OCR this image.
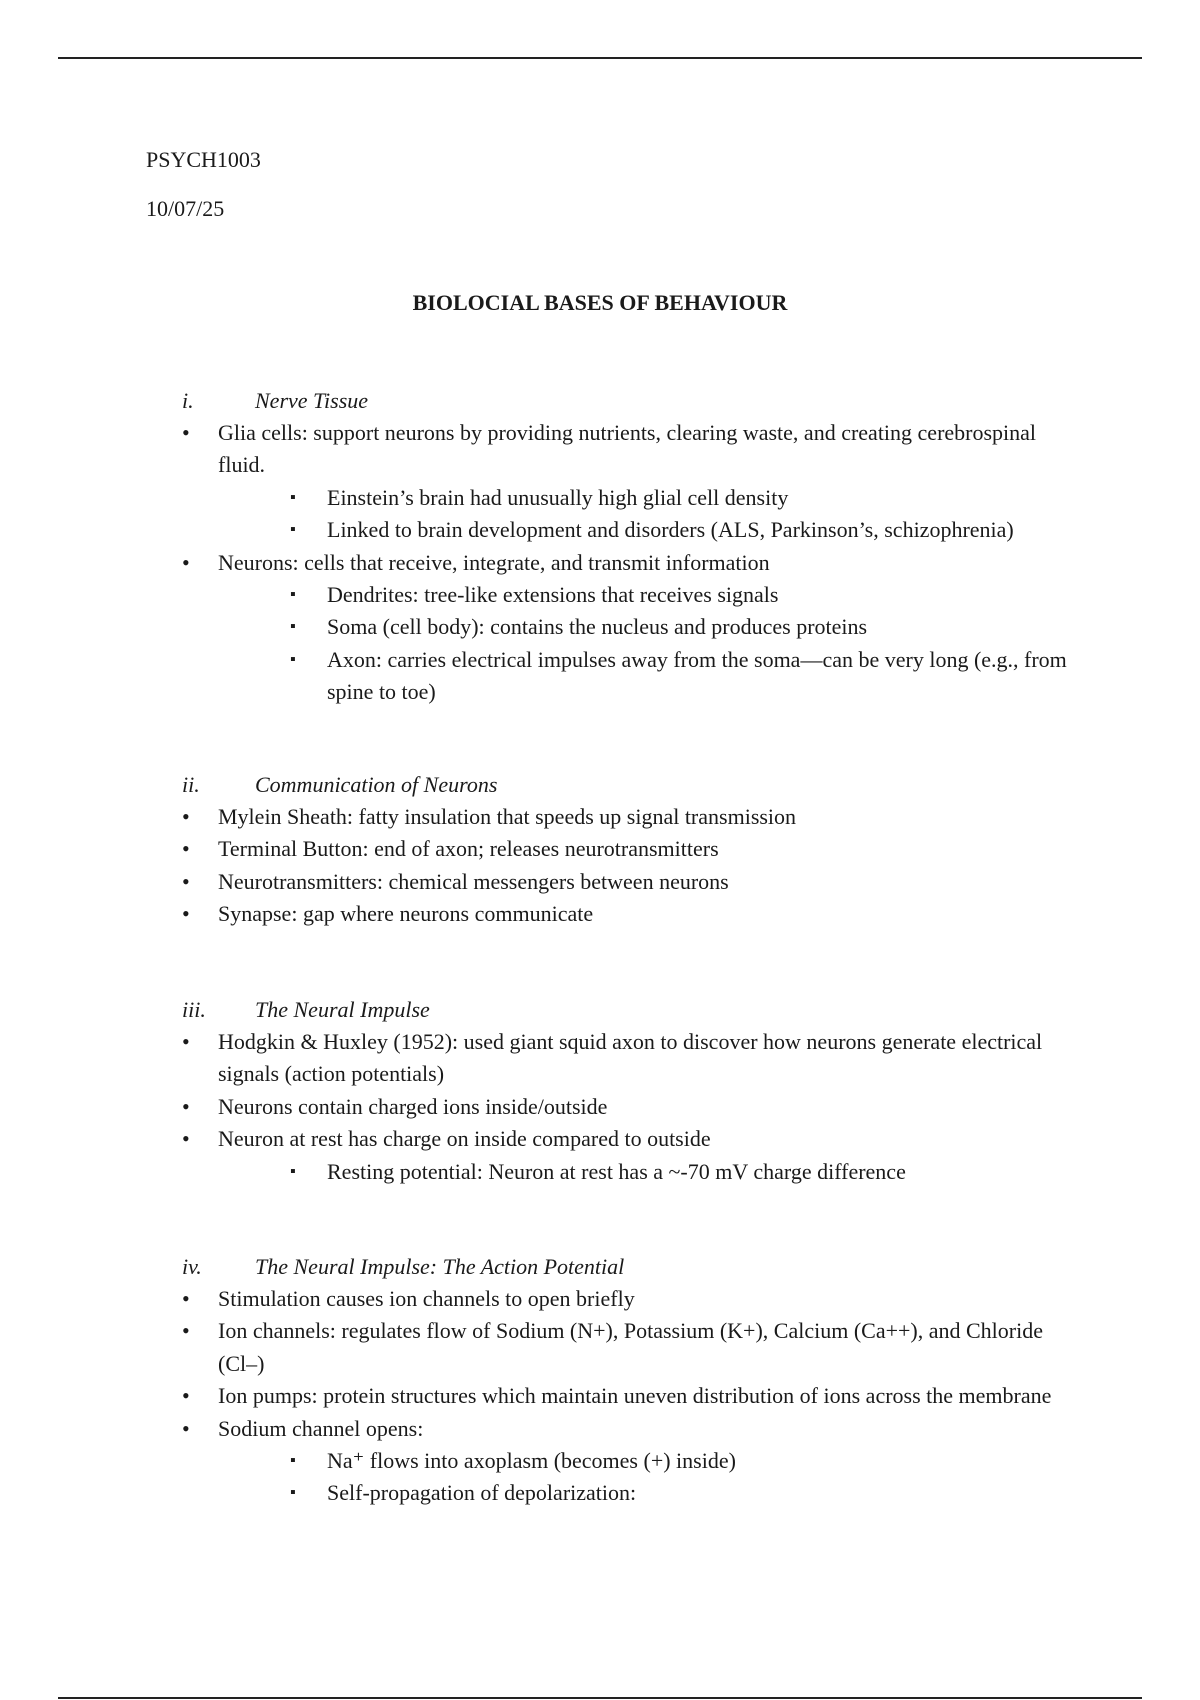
PSYCH1003
10/07/25
BIOLOCIAL BASES OF BEHAVIOUR
i.	Nerve Tissue
• Glia cells: support neurons by providing nutrients, clearing waste, and creating cerebrospinal fluid.
▪ Einstein’s brain had unusually high glial cell density
▪ Linked to brain development and disorders (ALS, Parkinson’s, schizophrenia)
• Neurons: cells that receive, integrate, and transmit information
▪ Dendrites: tree-like extensions that receives signals
▪ Soma (cell body): contains the nucleus and produces proteins
▪ Axon: carries electrical impulses away from the soma—can be very long (e.g., from spine to toe)
ii.	Communication of Neurons
• Mylein Sheath: fatty insulation that speeds up signal transmission
• Terminal Button: end of axon; releases neurotransmitters
• Neurotransmitters: chemical messengers between neurons
• Synapse: gap where neurons communicate
iii. The Neural Impulse
• Hodgkin & Huxley (1952): used giant squid axon to discover how neurons generate electrical signals (action potentials)
• Neurons contain charged ions inside/outside
• Neuron at rest has charge on inside compared to outside
▪ Resting potential: Neuron at rest has a ~-70 mV charge difference
iv. The Neural Impulse: The Action Potential
• Stimulation causes ion channels to open briefly
• Ion channels: regulates flow of Sodium (N+), Potassium (K+), Calcium (Ca++), and Chloride (Cl–)
• Ion pumps: protein structures which maintain uneven distribution of ions across the membrane
• Sodium channel opens:
▪ Na⁺ flows into axoplasm (becomes (+) inside)
▪ Self-propagation of depolarization:
